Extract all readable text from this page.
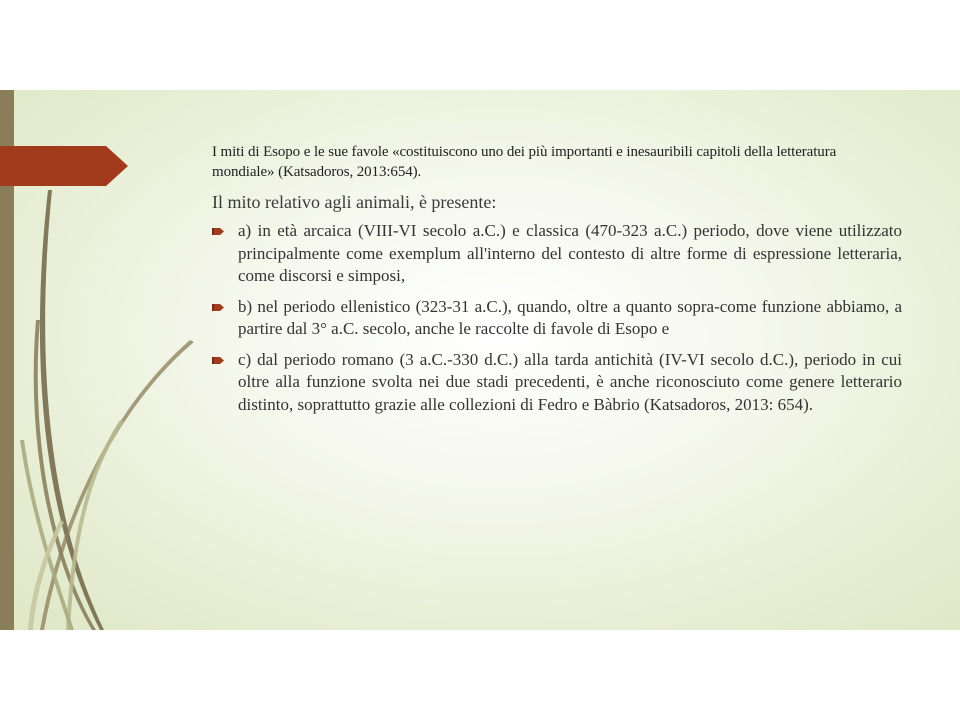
I miti di Esopo e le sue favole «costituiscono uno dei più importanti e inesauribili capitoli della letteratura mondiale» (Katsadoros, 2013:654).

Il mito relativo agli animali, è presente:

a) in età arcaica (VIII-VI secolo a.C.) e classica (470-323 a.C.) periodo, dove viene utilizzato principalmente come exemplum all'interno del contesto di altre forme di espressione letteraria, come discorsi e simposi,
b) nel periodo ellenistico (323-31 a.C.), quando, oltre a quanto sopra-come funzione abbiamo, a partire dal 3° a.C. secolo, anche le raccolte di favole di Esopo e
c) dal periodo romano (3 a.C.-330 d.C.) alla tarda antichità (IV-VI secolo d.C.), periodo in cui oltre alla funzione svolta nei due stadi precedenti, è anche riconosciuto come genere letterario distinto, soprattutto grazie alle collezioni di Fedro e Bàbrio (Katsadoros, 2013: 654).
